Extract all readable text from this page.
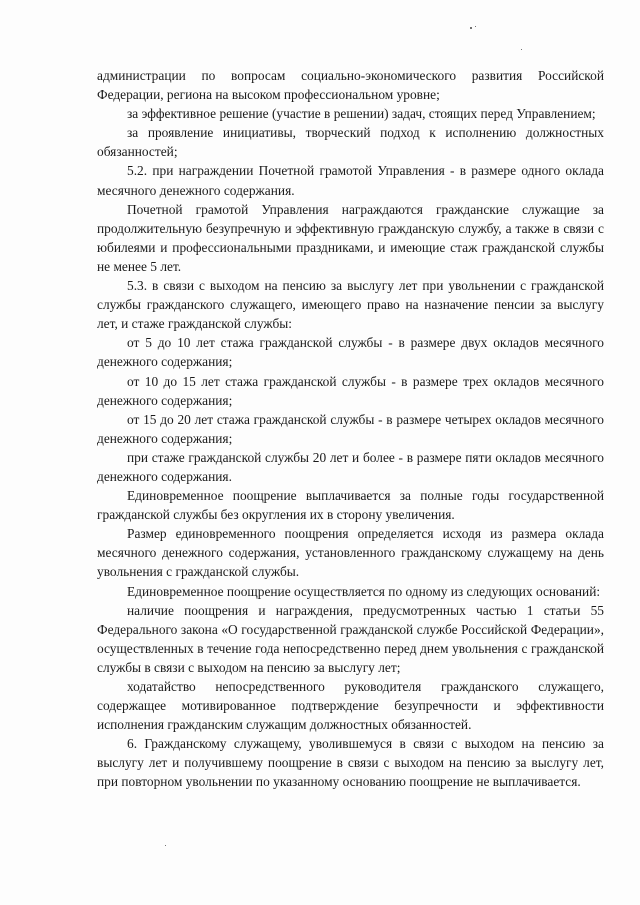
администрации по вопросам социально-экономического развития Российской Федерации, региона на высоком профессиональном уровне;

за эффективное решение (участие в решении) задач, стоящих перед Управлением;

за проявление инициативы, творческий подход к исполнению должностных обязанностей;

5.2. при награждении Почетной грамотой Управления - в размере одного оклада месячного денежного содержания.

Почетной грамотой Управления награждаются гражданские служащие за продолжительную безупречную и эффективную гражданскую службу, а также в связи с юбилеями и профессиональными праздниками, и имеющие стаж гражданской службы не менее 5 лет.

5.3. в связи с выходом на пенсию за выслугу лет при увольнении с гражданской службы гражданского служащего, имеющего право на назначение пенсии за выслугу лет, и стаже гражданской службы:

от 5 до 10 лет стажа гражданской службы - в размере двух окладов месячного денежного содержания;

от 10 до 15 лет стажа гражданской службы - в размере трех окладов месячного денежного содержания;

от 15 до 20 лет стажа гражданской службы - в размере четырех окладов месячного денежного содержания;

при стаже гражданской службы 20 лет и более - в размере пяти окладов месячного денежного содержания.

Единовременное поощрение выплачивается за полные годы государственной гражданской службы без округления их в сторону увеличения.

Размер единовременного поощрения определяется исходя из размера оклада месячного денежного содержания, установленного гражданскому служащему на день увольнения с гражданской службы.

Единовременное поощрение осуществляется по одному из следующих оснований:

наличие поощрения и награждения, предусмотренных частью 1 статьи 55 Федерального закона «О государственной гражданской службе Российской Федерации», осуществленных в течение года непосредственно перед днем увольнения с гражданской службы в связи с выходом на пенсию за выслугу лет;

ходатайство непосредственного руководителя гражданского служащего, содержащее мотивированное подтверждение безупречности и эффективности исполнения гражданским служащим должностных обязанностей.

6. Гражданскому служащему, уволившемуся в связи с выходом на пенсию за выслугу лет и получившему поощрение в связи с выходом на пенсию за выслугу лет, при повторном увольнении по указанному основанию поощрение не выплачивается.
